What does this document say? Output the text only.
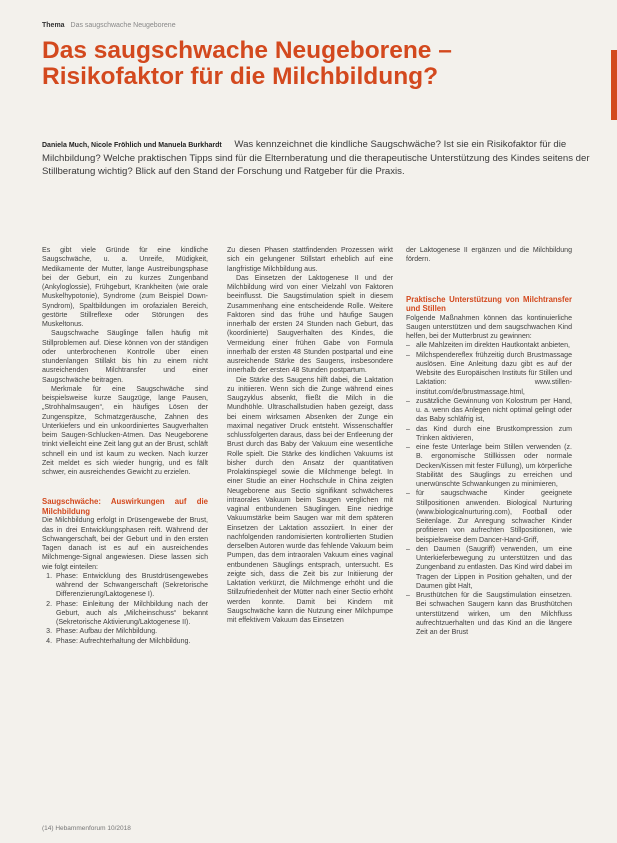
Thema Das saugschwache Neugeborene
Das saugschwache Neugeborene – Risikofaktor für die Milchbildung?
Daniela Much, Nicole Fröhlich und Manuela Burkhardt Was kennzeichnet die kindliche Saugschwäche? Ist sie ein Risikofaktor für die Milchbildung? Welche praktischen Tipps sind für die Elternberatung und die therapeutische Unterstützung des Kindes seitens der Stillberatung wichtig? Blick auf den Stand der Forschung und Ratgeber für die Praxis.

Es gibt viele Gründe für eine kindliche Saugschwäche, u. a. Unreife, Müdigkeit, Medikamente der Mutter, lange Austreibungsphase bei der Geburt, ein zu kurzes Zungenband (Ankyloglossie), Frühgeburt, Krankheiten (wie orale Muskelhypotonie), Syndrome (zum Beispiel Down-Syndrom), Spaltbildungen im orofazialen Bereich, gestörte Stillreflexe oder Störungen des Muskeltonus.

Saugschwache Säuglinge fallen häufig mit Stillproblemen auf. Diese können von der ständigen oder unterbrochenen Kontrolle über einen stundenlangen Stillakt bis hin zu einem nicht ausreichenden Milchtransfer und einer Saugschwäche beitragen.

Merkmale für eine Saugschwäche sind beispielsweise kurze Saugzüge, lange Pausen, „Strohhalmsaugen“, ein häufiges Lösen der Zungenspitze, Schmatzgeräusche, Zahnen des Unterkiefers und ein unkoordiniertes Saugverhalten beim Saugen-Schlucken-Atmen. Das Neugeborene trinkt vielleicht eine Zeit lang gut an der Brust, schläft schnell ein und ist kaum zu wecken. Nach kurzer Zeit meldet es sich wieder hungrig, und es fällt schwer, ein ausreichendes Gewicht zu erzielen.

Saugschwäche: Auswirkungen auf die Milchbildung

Die Milchbildung erfolgt in Drüsengewebe der Brust, das in drei Entwicklungsphasen reift. Während der Schwangerschaft, bei der Geburt und in den ersten Tagen danach ist es auf ein ausreichendes Milchmenge-Signal angewiesen. Diese lassen sich wie folgt einteilen:

1. Phase: Entwicklung des Brustdrüsengewebes während der Schwangerschaft (Sekretorische Differenzierung/Laktogenese I).
2. Phase: Einleitung der Milchbildung nach der Geburt, auch als „Milcheinschuss“ bekannt (Sekretorische Aktivierung/Laktogenese II).
3. Phase: Aufbau der Milchbildung.
4. Phase: Aufrechterhaltung der Milchbildung.

Zu diesen Phasen stattfindenden Prozessen wirkt sich ein gelungener Stillstart erheblich auf eine langfristige Milchbildung aus.

Das Einsetzen der Laktogenese II und der Milchbildung wird von einer Vielzahl von Faktoren beeinflusst. Die Saugstimulation spielt in diesem Zusammenhang eine entscheidende Rolle. Weitere Faktoren sind das frühe und häufige Saugen innerhalb der ersten 24 Stunden nach Geburt, das (koordinierte) Saugverhalten des Kindes, die Vermeidung einer frühen Gabe von Formula innerhalb der ersten 48 Stunden postpartal und eine ausreichende Stärke des Saugens, insbesondere innerhalb der ersten 48 Stunden postpartum.

Die Stärke des Saugens hilft dabei, die Laktation zu initiieren. Wenn sich die Zunge während eines Saugzyklus absenkt, fließt die Milch in die Mundhöhle. Ultraschallstudien haben gezeigt, dass bei einem wirksamen Absenken der Zunge ein maximal negativer Druck entsteht. Wissenschaftler schlussfolgerten daraus, dass bei der Entleerung der Brust durch das Baby der Vakuum eine wesentliche Rolle spielt. Die Stärke des kindlichen Vakuums ist bisher durch den Ansatz der quantitativen Prolaktinspiegel sowie die Milchmenge belegt. In einer Studie an einer Hochschule in China zeigten Neugeborene aus Sectio signifikant schwächeres intraorales Vakuum beim Saugen verglichen mit vaginal entbundenen Säuglingen. Eine niedrige Vakuumstärke beim Saugen war mit dem späteren Einsetzen der Laktation assoziiert. In einer der nachfolgenden randomisierten kontrollierten Studien derselben Autoren wurde das fehlende Vakuum beim Pumpen, das dem intraoralen Vakuum eines vaginal entbundenen Säuglings entsprach, untersucht. Es zeigte sich, dass die Zeit bis zur Initiierung der Laktation verkürzt, die Milchmenge erhöht und die Stillzufriedenheit der Mütter nach einer Sectio erhöht werden konnte. Damit bei Kindern mit Saugschwäche kann die Nutzung einer Milchpumpe mit effektivem Vakuum das Einsetzen

der Laktogenese II ergänzen und die Milchbildung fördern.

Praktische Unterstützung von Milchtransfer und Stillen

Folgende Maßnahmen können das kontinuierliche Saugen unterstützen und dem saugschwachen Kind helfen, bei der Mutterbrust zu gewinnen:

– alle Mahlzeiten im direkten Hautkontakt anbieten,
– Milchspendereflex frühzeitig durch Brustmassage auslösen. Eine Anleitung dazu gibt es auf der Website des Europäischen Instituts für Stillen und Laktation: www.stillen-institut.com/de/brustmassage.html,
– zusätzliche Gewinnung von Kolostrum per Hand, u. a. wenn das Anlegen nicht optimal gelingt oder das Baby schläfrig ist,
– das Kind durch eine Brustkompression zum Trinken aktivieren,
– eine feste Unterlage beim Stillen verwenden (z. B. ergonomische Stillkissen oder normale Decken/Kissen mit fester Füllung), um körperliche Stabilität des Säuglings zu erreichen und unerwünschte Schwankungen zu minimieren,
– für saugschwache Kinder geeignete Stillpositionen anwenden. Biological Nurturing (www.biologicalnurturing.com), Football oder Seitenlage. Zur Anregung schwacher Kinder profitieren von aufrechten Stillpositionen, wie beispielsweise dem Dancer-Hand-Griff,
– den Daumen (Saugriff) verwenden, um eine Unterkieferbewegung zu unterstützen und das Zungenband zu entlasten. Das Kind wird dabei im Tragen der Lippen in Position gehalten, und der Daumen gibt Halt,
– Brusthütchen für die Saugstimulation einsetzen. Bei schwachen Saugern kann das Brusthütchen unterstützend wirken, um den Milchfluss aufrechtzuerhalten und das Kind an die längere Zeit an der Brust
(14) Hebammenforum 10/2018
